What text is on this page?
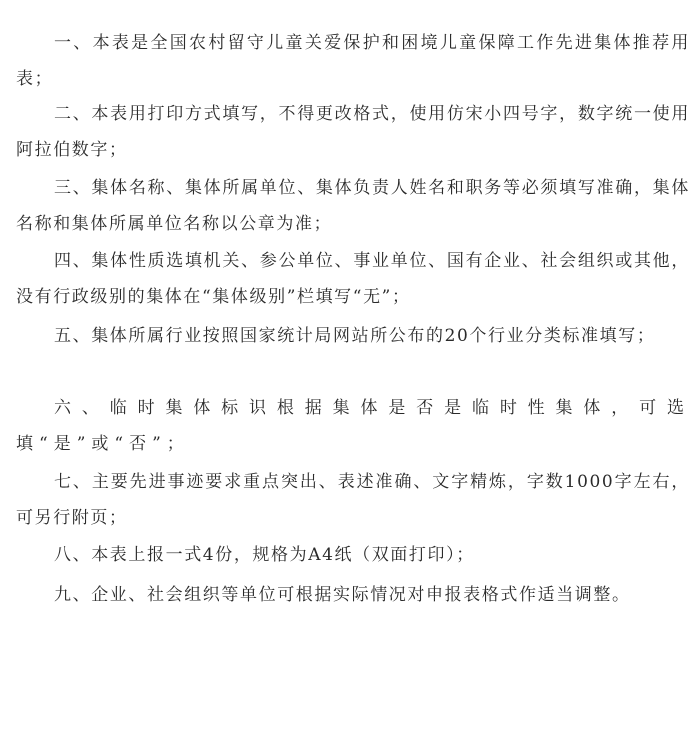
一、本表是全国农村留守儿童关爱保护和困境儿童保障工作先进集体推荐用表；

二、本表用打印方式填写，不得更改格式，使用仿宋小四号字，数字统一使用阿拉伯数字；

三、集体名称、集体所属单位、集体负责人姓名和职务等必须填写准确，集体名称和集体所属单位名称以公章为准；

四、集体性质选填机关、参公单位、事业单位、国有企业、社会组织或其他，没有行政级别的集体在“集体级别”栏填写“无”；

五、集体所属行业按照国家统计局网站所公布的20个行业分类标准填写；

六、临时集体标识根据集体是否是临时性集体，可选填“是”或“否”；

七、主要先进事迹要求重点突出、表述准确、文字精炼，字数1000字左右，可另行附页；

八、本表上报一式4份，规格为A4纸（双面打印）；

九、企业、社会组织等单位可根据实际情况对申报表格式作适当调整。
